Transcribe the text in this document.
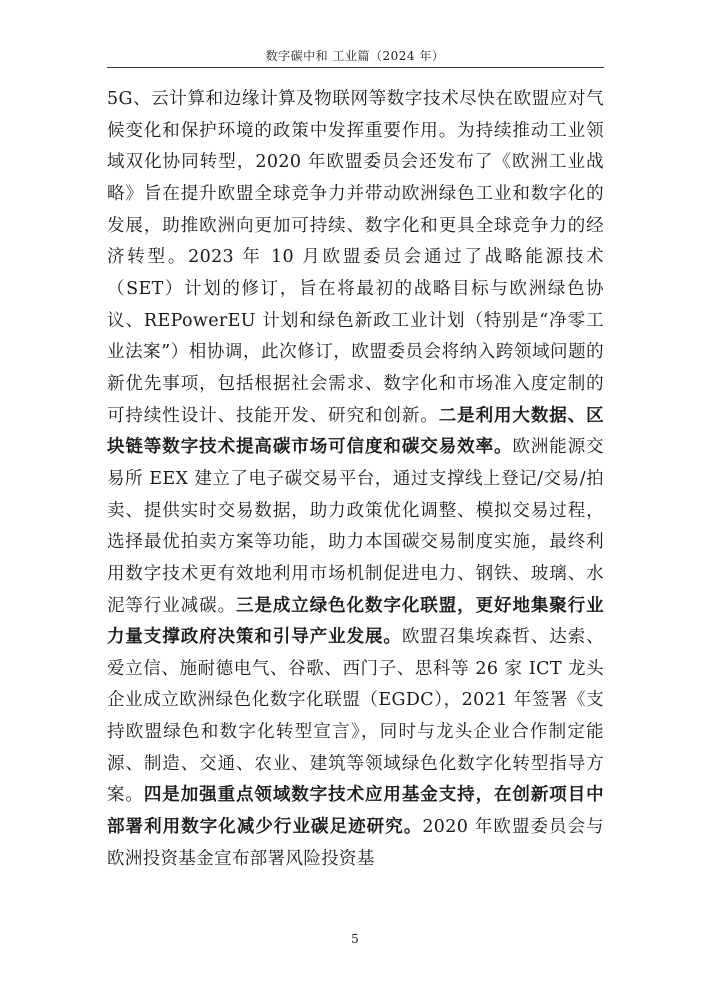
数字碳中和 工业篇（2024 年）

5G、云计算和边缘计算及物联网等数字技术尽快在欧盟应对气候变化和保护环境的政策中发挥重要作用。为持续推动工业领域双化协同转型，2020 年欧盟委员会还发布了《欧洲工业战略》旨在提升欧盟全球竞争力并带动欧洲绿色工业和数字化的发展，助推欧洲向更加可持续、数字化和更具全球竞争力的经济转型。2023 年 10 月欧盟委员会通过了战略能源技术（SET）计划的修订，旨在将最初的战略目标与欧洲绿色协议、REPowerEU 计划和绿色新政工业计划（特别是“净零工业法案”）相协调，此次修订，欧盟委员会将纳入跨领域问题的新优先事项，包括根据社会需求、数字化和市场准入度定制的可持续性设计、技能开发、研究和创新。二是利用大数据、区块链等数字技术提高碳市场可信度和碳交易效率。欧洲能源交易所 EEX 建立了电子碳交易平台，通过支撑线上登记/交易/拍卖、提供实时交易数据，助力政策优化调整、模拟交易过程，选择最优拍卖方案等功能，助力本国碳交易制度实施，最终利用数字技术更有效地利用市场机制促进电力、钢铁、玻璃、水泥等行业减碳。三是成立绿色化数字化联盟，更好地集聚行业力量支撑政府决策和引导产业发展。欧盟召集埃森哲、达索、爱立信、施耐德电气、谷歌、西门子、思科等 26 家 ICT 龙头企业成立欧洲绿色化数字化联盟（EGDC），2021 年签署《支持欧盟绿色和数字化转型宣言》，同时与龙头企业合作制定能源、制造、交通、农业、建筑等领域绿色化数字化转型指导方案。四是加强重点领域数字技术应用基金支持，在创新项目中部署利用数字化减少行业碳足迹研究。2020 年欧盟委员会与欧洲投资基金宣布部署风险投资基

5
